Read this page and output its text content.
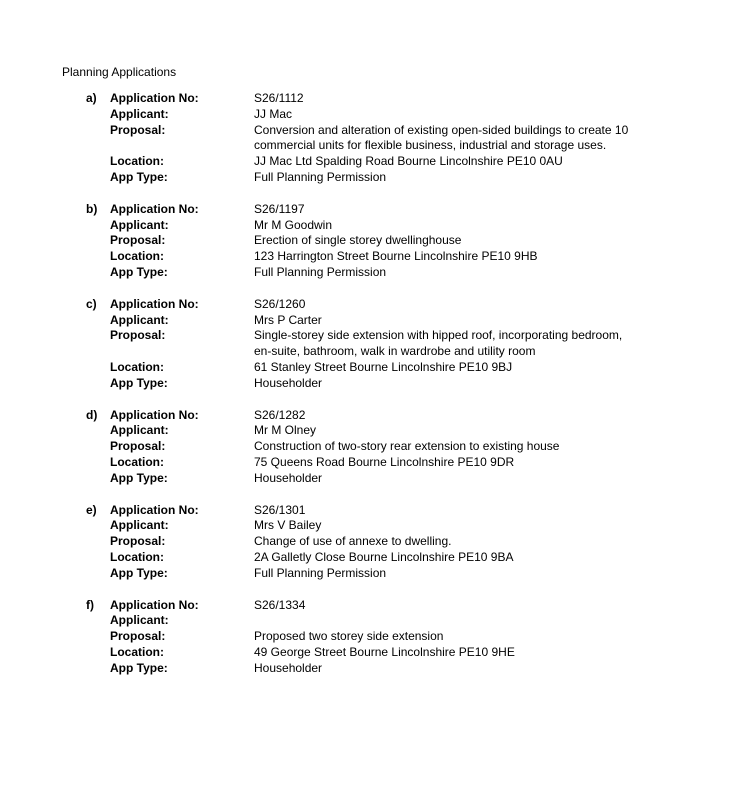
Planning Applications
a) Application No:	S26/1112
Applicant:	JJ Mac
Proposal:	Conversion and alteration of existing open-sided buildings to create 10
commercial units for flexible business, industrial and storage uses.
Location:	JJ Mac Ltd Spalding Road Bourne Lincolnshire PE10 0AU
App Type:	Full Planning Permission
b) Application No:	S26/1197
Applicant:	Mr M Goodwin
Proposal:	Erection of single storey dwellinghouse
Location:	123 Harrington Street Bourne Lincolnshire PE10 9HB
App Type:	Full Planning Permission
c) Application No:	S26/1260
Applicant:	Mrs P Carter
Proposal:	Single-storey side extension with hipped roof, incorporating bedroom,
en-suite, bathroom, walk in wardrobe and utility room
Location:	61 Stanley Street Bourne Lincolnshire PE10 9BJ
App Type:	Householder
d) Application No:	S26/1282
Applicant:	Mr M Olney
Proposal:	Construction of two-story rear extension to existing house
Location:	75 Queens Road Bourne Lincolnshire PE10 9DR
App Type:	Householder
e) Application No:	S26/1301
Applicant:	Mrs V Bailey
Proposal:	Change of use of annexe to dwelling.
Location:	2A Galletly Close Bourne Lincolnshire PE10 9BA
App Type:	Full Planning Permission
f) Application No:	S26/1334
Applicant:
Proposal:	Proposed two storey side extension
Location:	49 George Street Bourne Lincolnshire PE10 9HE
App Type:	Householder
